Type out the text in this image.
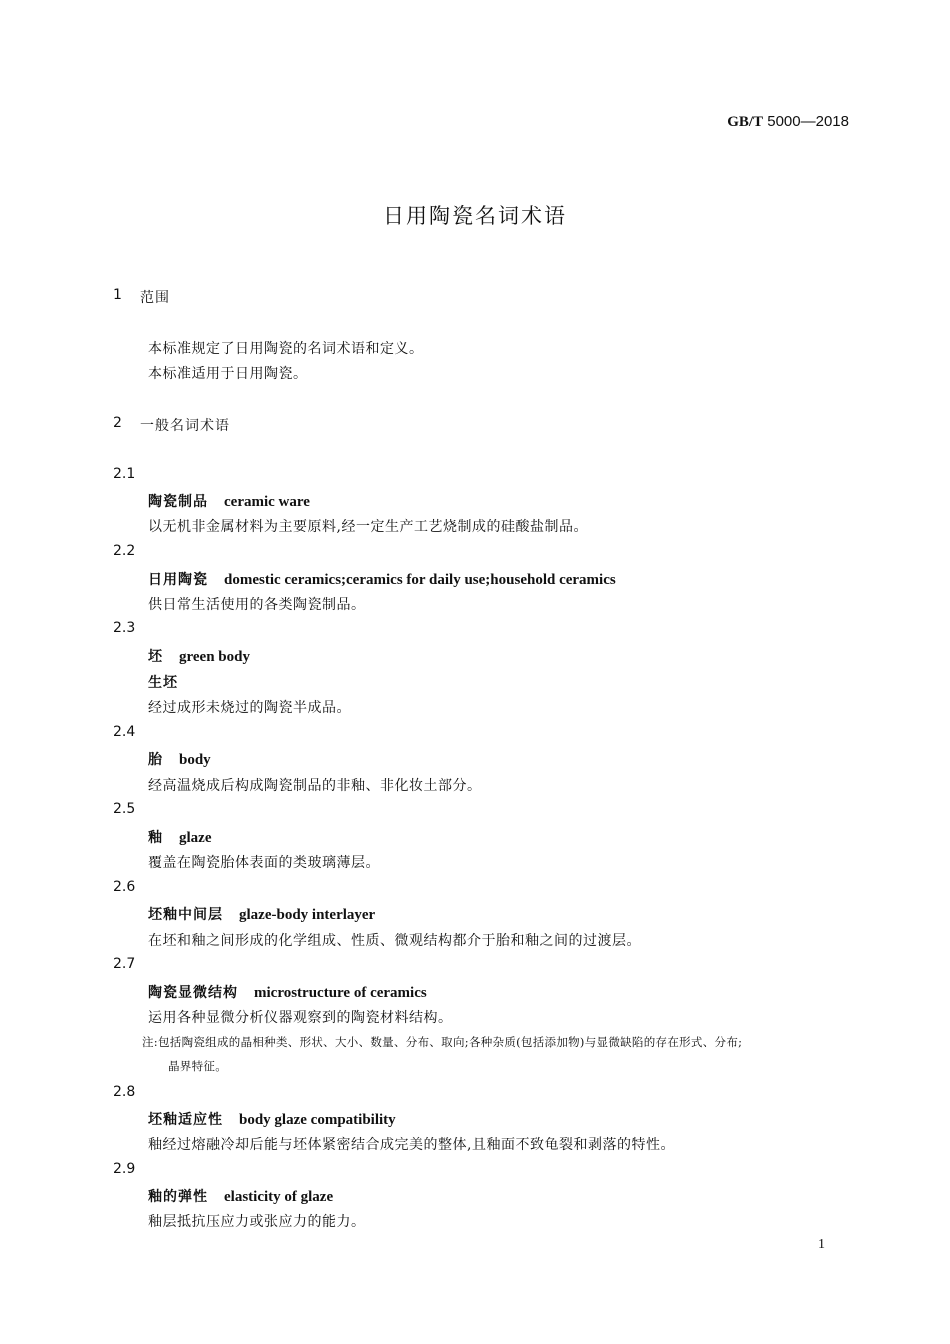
GB/T 5000—2018
日用陶瓷名词术语
1 范围
本标准规定了日用陶瓷的名词术语和定义。
本标准适用于日用陶瓷。
2 一般名词术语
2.1
陶瓷制品 ceramic ware
以无机非金属材料为主要原料,经一定生产工艺烧制成的硅酸盐制品。
2.2
日用陶瓷 domestic ceramics;ceramics for daily use;household ceramics
供日常生活使用的各类陶瓷制品。
2.3
坯 green body
生坯
经过成形未烧过的陶瓷半成品。
2.4
胎 body
经高温烧成后构成陶瓷制品的非釉、非化妆土部分。
2.5
釉 glaze
覆盖在陶瓷胎体表面的类玻璃薄层。
2.6
坯釉中间层 glaze-body interlayer
在坯和釉之间形成的化学组成、性质、微观结构都介于胎和釉之间的过渡层。
2.7
陶瓷显微结构 microstructure of ceramics
运用各种显微分析仪器观察到的陶瓷材料结构。
注:包括陶瓷组成的晶相种类、形状、大小、数量、分布、取向;各种杂质(包括添加物)与显微缺陷的存在形式、分布;
晶界特征。
2.8
坯釉适应性 body glaze compatibility
釉经过熔融冷却后能与坯体紧密结合成完美的整体,且釉面不致龟裂和剥落的特性。
2.9
釉的弹性 elasticity of glaze
釉层抵抗压应力或张应力的能力。
1
